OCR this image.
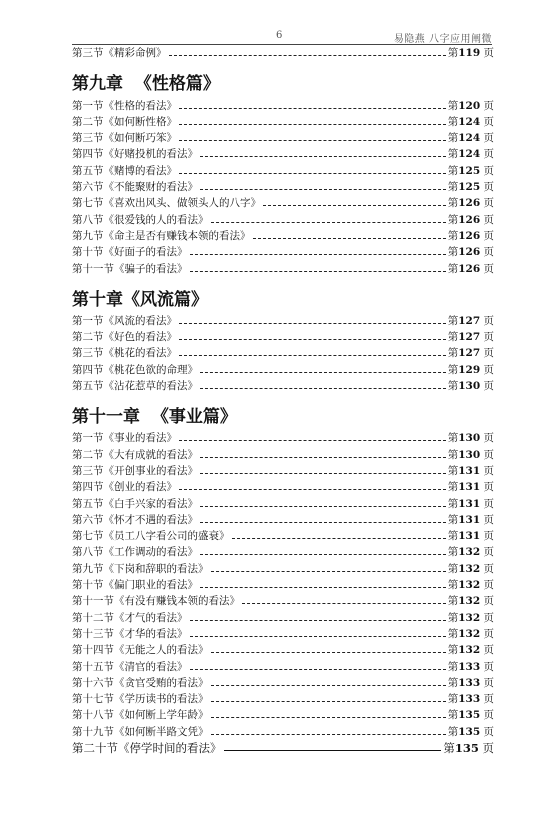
6	易隐燕 八字应用阐微
第三节《精彩命例》	第119 页
第九章  《性格篇》
第一节《性格的看法》	第120 页
第二节《如何断性格》	第124 页
第三节《如何断巧笨》	第124 页
第四节《好赌投机的看法》	第124 页
第五节《赌博的看法》	第125 页
第六节《不能聚财的看法》	第125 页
第七节《喜欢出风头、做领头人的八字》	第126 页
第八节《很爱钱的人的看法》	第126 页
第九节《命主是否有赚钱本领的看法》	第126 页
第十节《好面子的看法》	第126 页
第十一节《骗子的看法》	第126 页
第十章《风流篇》
第一节《风流的看法》	第127 页
第二节《好色的看法》	第127 页
第三节《桃花的看法》	第127 页
第四节《桃花色欲的命理》	第129 页
第五节《沾花惹草的看法》	第130 页
第十一章  《事业篇》
第一节《事业的看法》	第130 页
第二节《大有成就的看法》	第130 页
第三节《开创事业的看法》	第131 页
第四节《创业的看法》	第131 页
第五节《白手兴家的看法》	第131 页
第六节《怀才不遇的看法》	第131 页
第七节《员工八字看公司的盛衰》	第131 页
第八节《工作调动的看法》	第132 页
第九节《下岗和辞职的看法》	第132 页
第十节《偏门职业的看法》	第132 页
第十一节《有没有赚钱本领的看法》	第132 页
第十二节《才气的看法》	第132 页
第十三节《才华的看法》	第132 页
第十四节《无能之人的看法》	第132 页
第十五节《清官的看法》	第133 页
第十六节《贪官受贿的看法》	第133 页
第十七节《学历读书的看法》	第133 页
第十八节《如何断上学年龄》	第135 页
第十九节《如何断半路文凭》	第135 页
第二十节《停学时间的看法》	第135 页
